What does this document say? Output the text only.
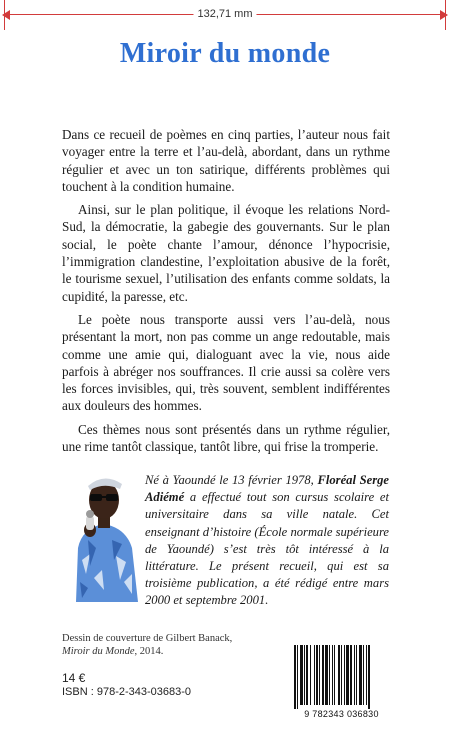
132,71 mm
Miroir du monde

Dans ce recueil de poèmes en cinq parties, l’auteur nous fait voyager entre la terre et l’au-delà, abordant, dans un rythme régulier et avec un ton satirique, différents problèmes qui touchent à la condition humaine.

Ainsi, sur le plan politique, il évoque les relations Nord-Sud, la démocratie, la gabegie des gouvernants. Sur le plan social, le poète chante l’amour, dénonce l’hypocrisie, l’immigration clandestine, l’exploitation abusive de la forêt, le tourisme sexuel, l’utilisation des enfants comme soldats, la cupidité, la paresse, etc.

Le poète nous transporte aussi vers l’au-delà, nous présentant la mort, non pas comme un ange redoutable, mais comme une amie qui, dialoguant avec la vie, nous aide parfois à abréger nos souffrances. Il crie aussi sa colère vers les forces invisibles, qui, très souvent, semblent indifférentes aux douleurs des hommes.

Ces thèmes nous sont présentés dans un rythme régulier, une rime tantôt classique, tantôt libre, qui frise la tromperie.

Né à Yaoundé le 13 février 1978, Floréal Serge Adiémé a effectué tout son cursus scolaire et universitaire dans sa ville natale. Cet enseignant d’histoire (École normale supérieure de Yaoundé) s’est très tôt intéressé à la littérature. Le présent recueil, qui est sa troisième publication, a été rédigé entre mars 2000 et septembre 2001.
Dessin de couverture de Gilbert Banack,
Miroir du Monde, 2014.
14 €
ISBN : 978-2-343-03683-0
9 782343 036830
